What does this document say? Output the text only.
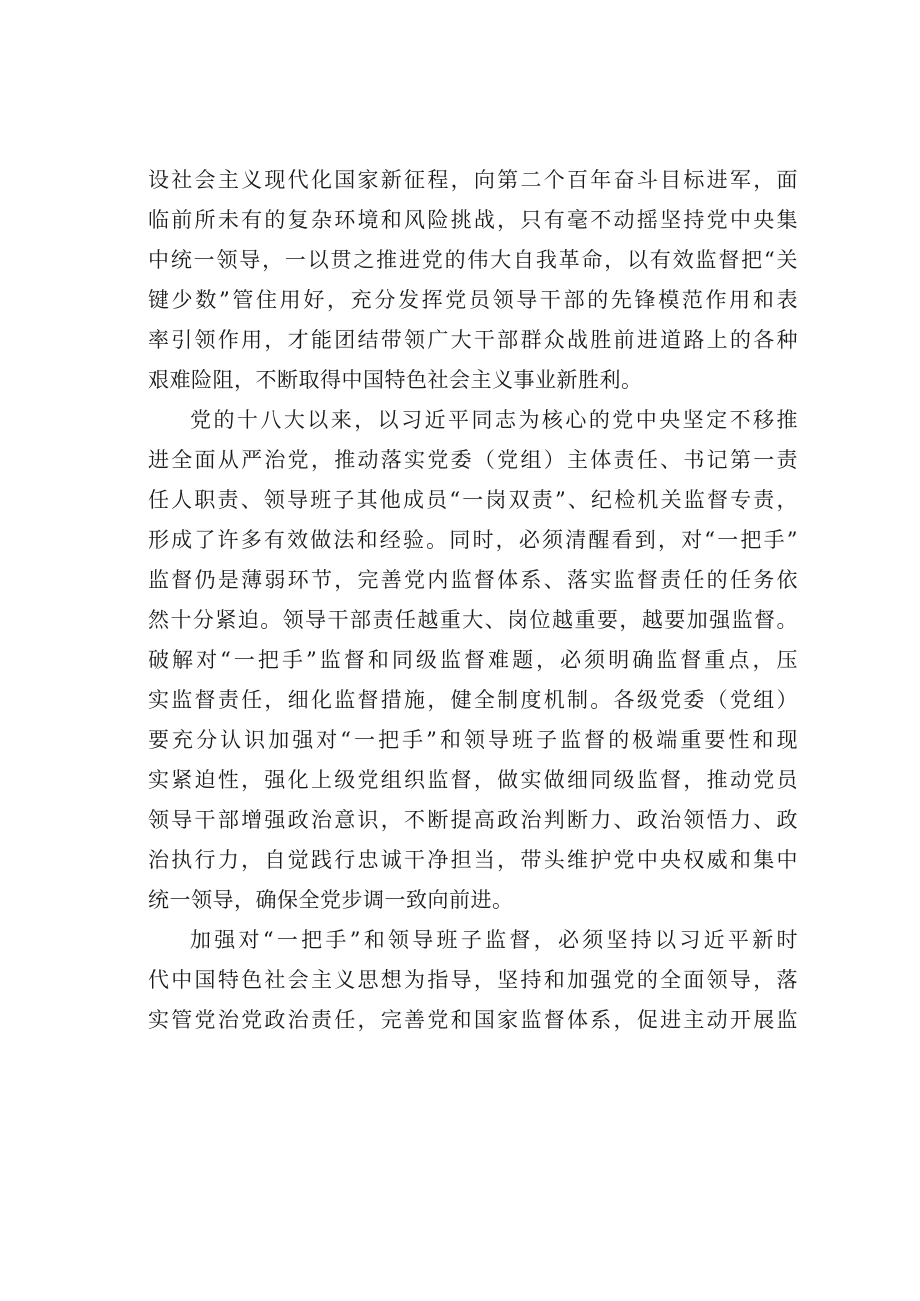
设社会主义现代化国家新征程，向第二个百年奋斗目标进军，面
临前所未有的复杂环境和风险挑战，只有毫不动摇坚持党中央集
中统一领导，一以贯之推进党的伟大自我革命，以有效监督把“关
键少数”管住用好，充分发挥党员领导干部的先锋模范作用和表
率引领作用，才能团结带领广大干部群众战胜前进道路上的各种
艰难险阻，不断取得中国特色社会主义事业新胜利。
党的十八大以来，以习近平同志为核心的党中央坚定不移推
进全面从严治党，推动落实党委（党组）主体责任、书记第一责
任人职责、领导班子其他成员“一岗双责”、纪检机关监督专责，
形成了许多有效做法和经验。同时，必须清醒看到，对“一把手”
监督仍是薄弱环节，完善党内监督体系、落实监督责任的任务依
然十分紧迫。领导干部责任越重大、岗位越重要，越要加强监督。
破解对“一把手”监督和同级监督难题，必须明确监督重点，压
实监督责任，细化监督措施，健全制度机制。各级党委（党组）
要充分认识加强对“一把手”和领导班子监督的极端重要性和现
实紧迫性，强化上级党组织监督，做实做细同级监督，推动党员
领导干部增强政治意识，不断提高政治判断力、政治领悟力、政
治执行力，自觉践行忠诚干净担当，带头维护党中央权威和集中
统一领导，确保全党步调一致向前进。
加强对“一把手”和领导班子监督，必须坚持以习近平新时
代中国特色社会主义思想为指导，坚持和加强党的全面领导，落
实管党治党政治责任，完善党和国家监督体系，促进主动开展监
